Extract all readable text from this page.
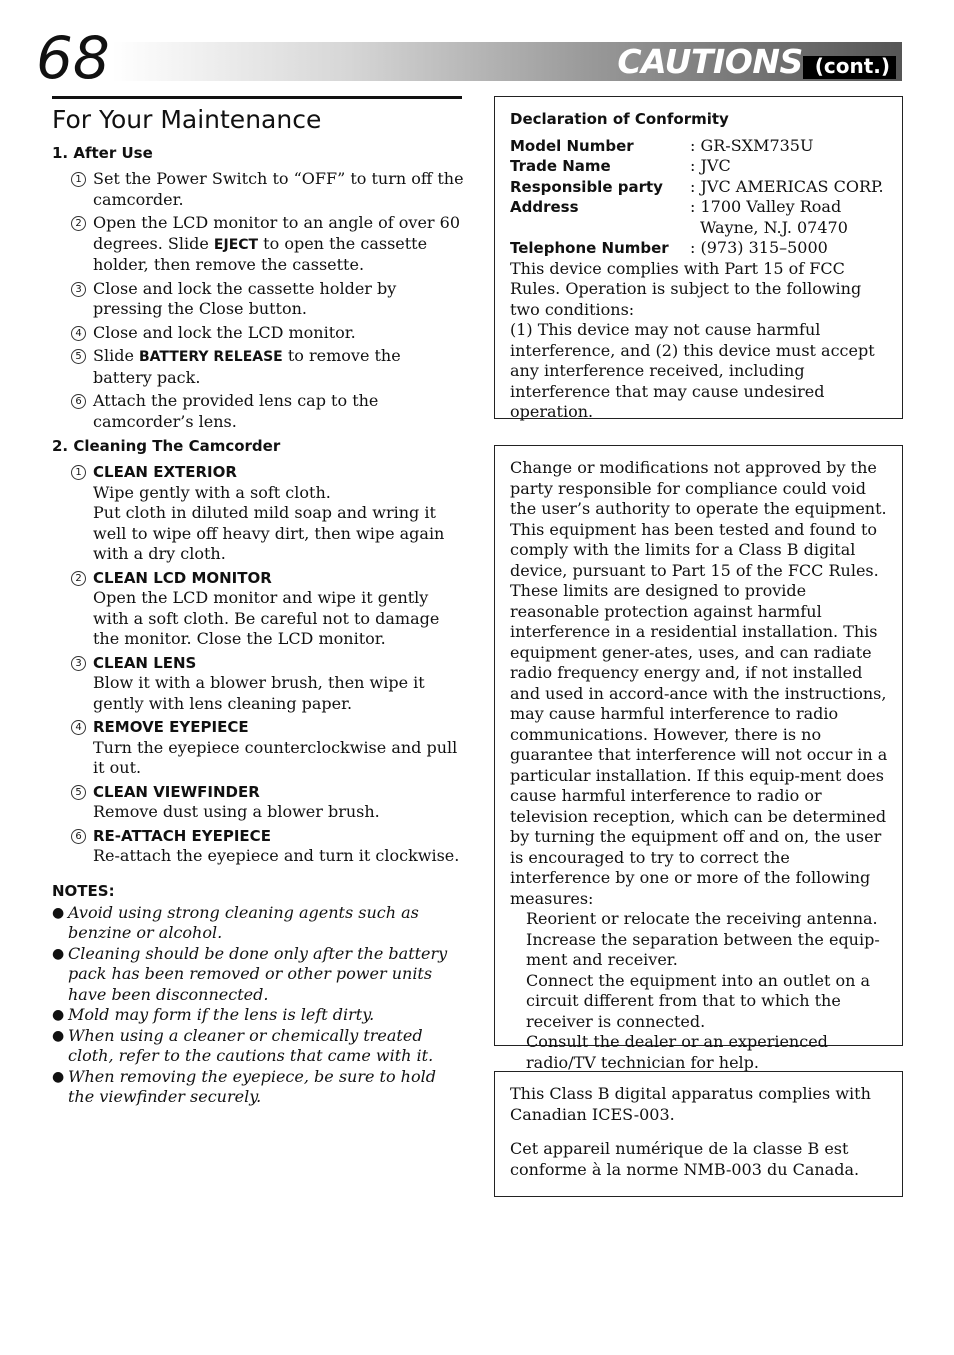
68	CAUTIONS (cont.)
For Your Maintenance
1. After Use
1 Set the Power Switch to “OFF” to turn off the camcorder.
2 Open the LCD monitor to an angle of over 60 degrees. Slide EJECT to open the cassette holder, then remove the cassette.
3 Close and lock the cassette holder by pressing the Close button.
4 Close and lock the LCD monitor.
5 Slide BATTERY RELEASE to remove the battery pack.
6 Attach the provided lens cap to the camcorder’s lens.
2. Cleaning The Camcorder
1 CLEAN EXTERIOR
Wipe gently with a soft cloth.
Put cloth in diluted mild soap and wring it well to wipe off heavy dirt, then wipe again with a dry cloth.
2 CLEAN LCD MONITOR
Open the LCD monitor and wipe it gently with a soft cloth. Be careful not to damage the monitor. Close the LCD monitor.
3 CLEAN LENS
Blow it with a blower brush, then wipe it gently with lens cleaning paper.
4 REMOVE EYEPIECE
Turn the eyepiece counterclockwise and pull it out.
5 CLEAN VIEWFINDER
Remove dust using a blower brush.
6 RE-ATTACH EYEPIECE
Re-attach the eyepiece and turn it clockwise.
NOTES:
● Avoid using strong cleaning agents such as benzine or alcohol.
● Cleaning should be done only after the battery pack has been removed or other power units have been disconnected.
● Mold may form if the lens is left dirty.
● When using a cleaner or chemically treated cloth, refer to the cautions that came with it.
● When removing the eyepiece, be sure to hold the viewfinder securely.
Declaration of Conformity
Model Number	: GR-SXM735U
Trade Name	: JVC
Responsible party	: JVC AMERICAS CORP.
Address	: 1700 Valley Road
Wayne, N.J. 07470
Telephone Number	: (973) 315–5000

This device complies with Part 15 of FCC Rules. Operation is subject to the following two conditions:

(1) This device may not cause harmful interference, and (2) this device must accept any interference received, including interference that may cause undesired operation.

Change or modifications not approved by the party responsible for compliance could void the user’s authority to operate the equipment. This equipment has been tested and found to comply with the limits for a Class B digital device, pursuant to Part 15 of the FCC Rules. These limits are designed to provide reasonable protection against harmful interference in a residential installation. This equipment gener-ates, uses, and can radiate radio frequency energy and, if not installed and used in accord-ance with the instructions, may cause harmful interference to radio communications. However, there is no guarantee that interference will not occur in a particular installation. If this equip-ment does cause harmful interference to radio or television reception, which can be determined by turning the equipment off and on, the user is encouraged to try to correct the interference by one or more of the following measures:

Reorient or relocate the receiving antenna.
Increase the separation between the equip-ment and receiver.
Connect the equipment into an outlet on a circuit different from that to which the receiver is connected.
Consult the dealer or an experienced radio/TV technician for help.

This Class B digital apparatus complies with Canadian ICES-003.

Cet appareil numérique de la classe B est conforme à la norme NMB-003 du Canada.
